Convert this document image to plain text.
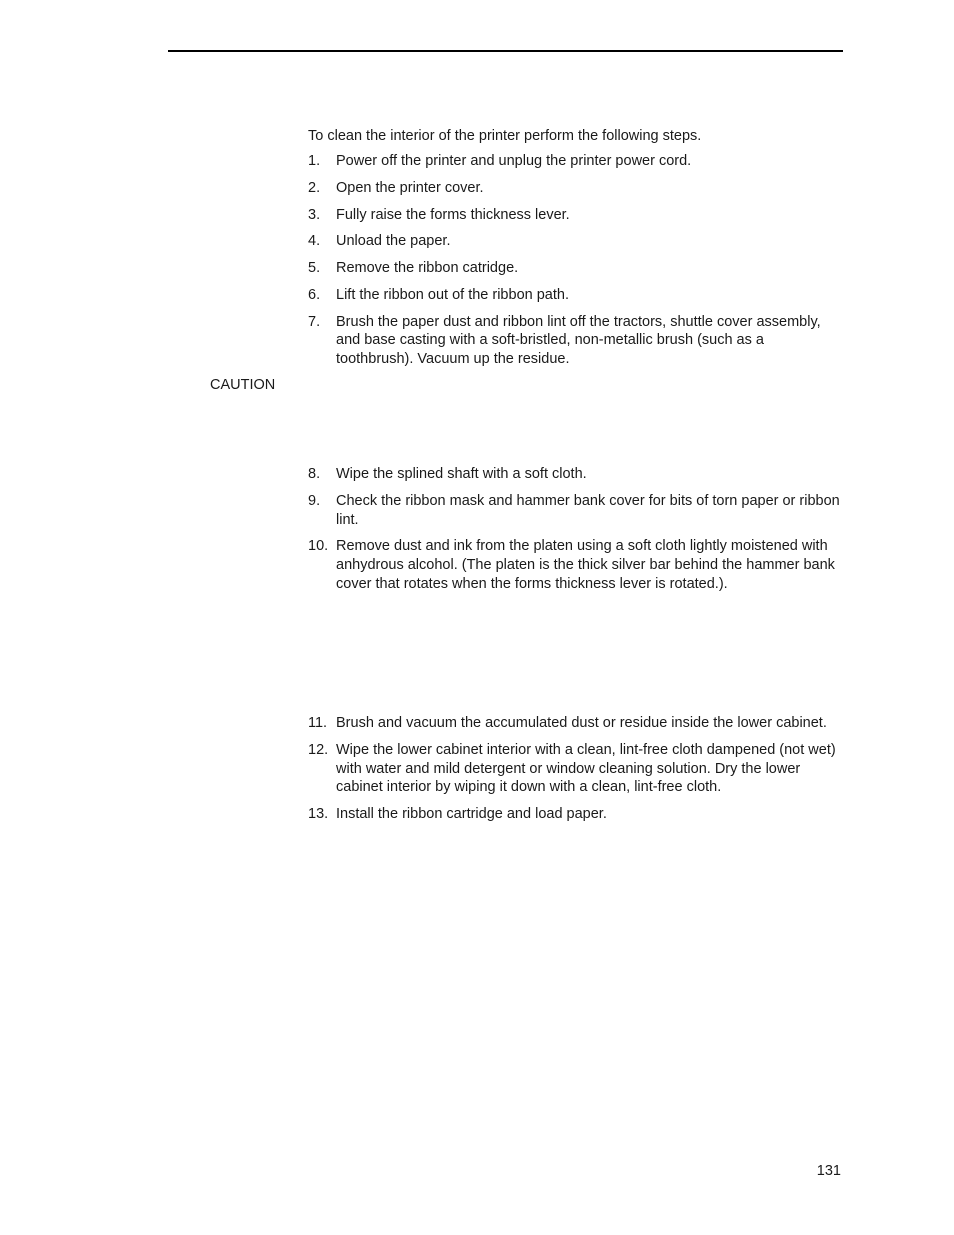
To clean the interior of the printer perform the following steps.

1.	Power off the printer and unplug the printer power cord.
2.	Open the printer cover.
3.	Fully raise the forms thickness lever.
4.	Unload the paper.
5.	Remove the ribbon catridge.
6.	Lift the ribbon out of the ribbon path.
7.	Brush the paper dust and ribbon lint off the tractors, shuttle cover assembly, and base casting with a soft-bristled, non-metallic brush (such as a toothbrush). Vacuum up the residue.

CAUTION

8.	Wipe the splined shaft with a soft cloth.
9.	Check the ribbon mask and hammer bank cover for bits of torn paper or ribbon lint.
10. Remove dust and ink from the platen using a soft cloth lightly moistened with anhydrous alcohol. (The platen is the thick silver bar behind the hammer bank cover that rotates when the forms thickness lever is rotated.).
11. Brush and vacuum the accumulated dust or residue inside the lower cabinet.
12. Wipe the lower cabinet interior with a clean, lint-free cloth dampened (not wet) with water and mild detergent or window cleaning solution. Dry the lower cabinet interior by wiping it down with a clean, lint-free cloth.
13. Install the ribbon cartridge and load paper.

131
